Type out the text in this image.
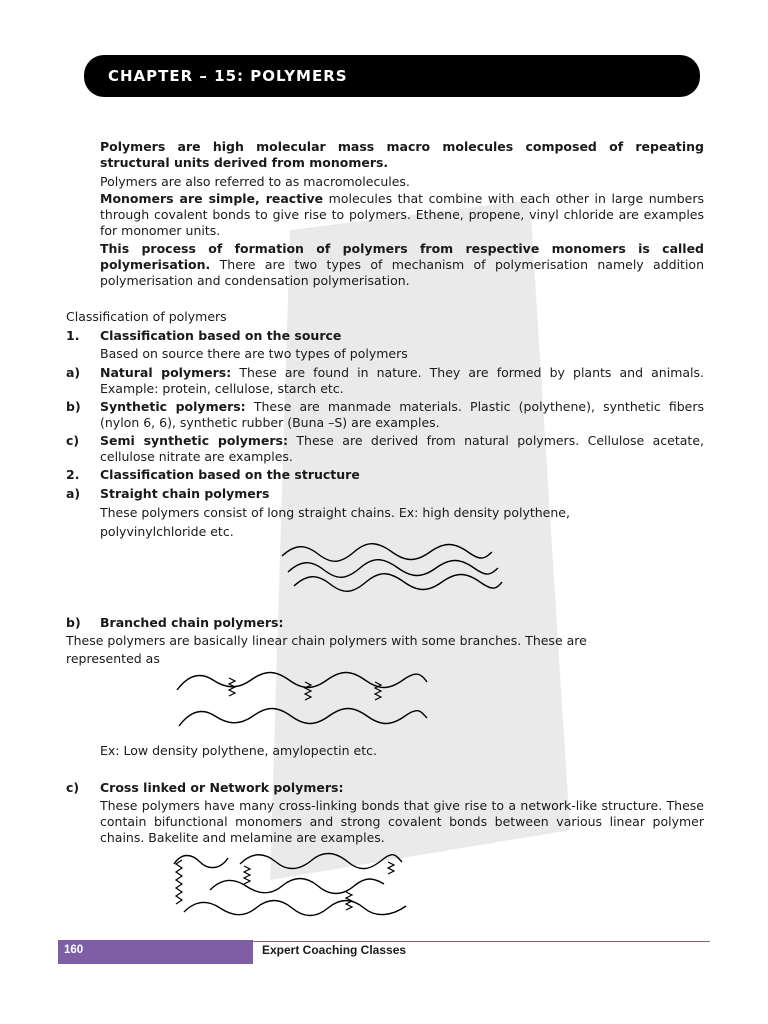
CHAPTER – 15: POLYMERS

Polymers are high molecular mass macro molecules composed of repeating structural units derived from monomers.

Polymers are also referred to as macromolecules.

Monomers are simple, reactive molecules that combine with each other in large numbers through covalent bonds to give rise to polymers. Ethene, propene, vinyl chloride are examples for monomer units.

This process of formation of polymers from respective monomers is called polymerisation. There are two types of mechanism of polymerisation namely addition polymerisation and condensation polymerisation.

Classification of polymers

1. Classification based on the source

Based on source there are two types of polymers

a) Natural polymers: These are found in nature. They are formed by plants and animals. Example: protein, cellulose, starch etc.

b) Synthetic polymers: These are manmade materials. Plastic (polythene), synthetic fibers (nylon 6, 6), synthetic rubber (Buna –S) are examples.

c) Semi synthetic polymers: These are derived from natural polymers. Cellulose acetate, cellulose nitrate are examples.

2. Classification based on the structure

a) Straight chain polymers

These polymers consist of long straight chains. Ex: high density polythene, polyvinylchloride etc.

b) Branched chain polymers:

These polymers are basically linear chain polymers with some branches. These are represented as

Ex: Low density polythene, amylopectin etc.

c) Cross linked or Network polymers:

These polymers have many cross-linking bonds that give rise to a network-like structure. These contain bifunctional monomers and strong covalent bonds between various linear polymer chains. Bakelite and melamine are examples.

160	Expert Coaching Classes
